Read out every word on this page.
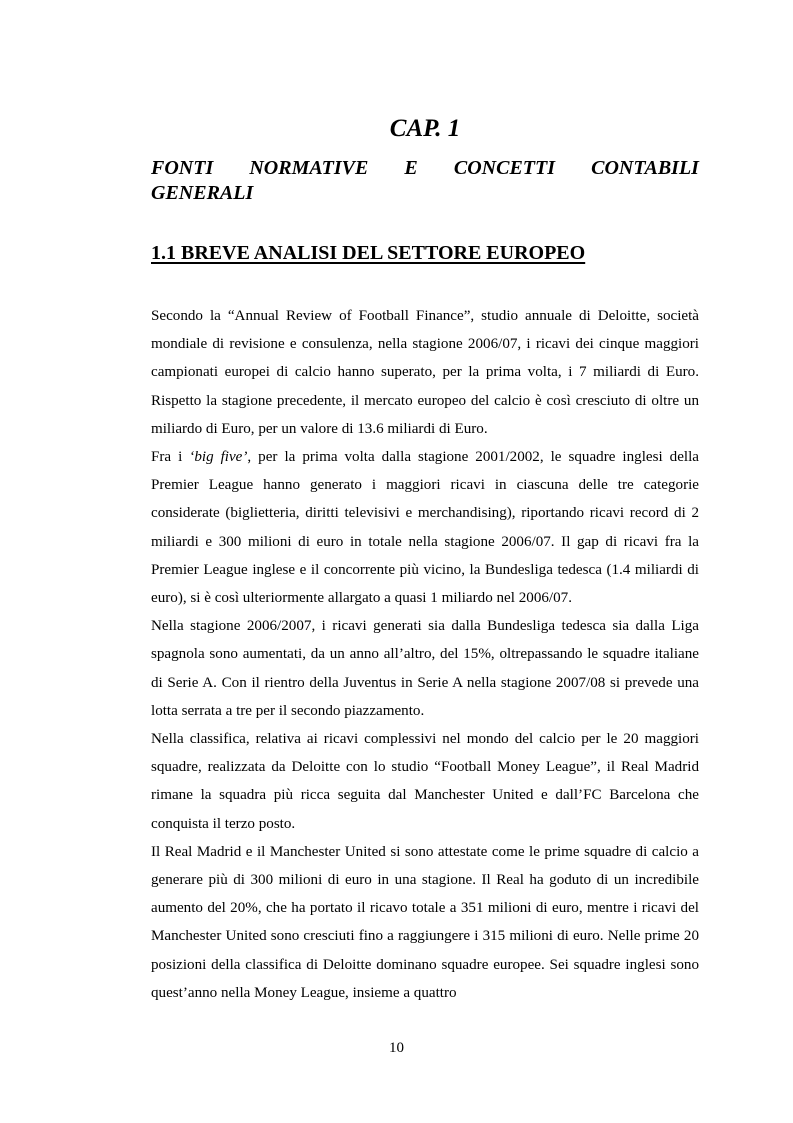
CAP. 1
FONTI NORMATIVE E CONCETTI CONTABILI
GENERALI
1.1 BREVE ANALISI DEL SETTORE EUROPEO

Secondo la “Annual Review of Football Finance”, studio annuale di Deloitte, società mondiale di revisione e consulenza, nella stagione 2006/07, i ricavi dei cinque maggiori campionati europei di calcio hanno superato, per la prima volta, i 7 miliardi di Euro. Rispetto la stagione precedente, il mercato europeo del calcio è così cresciuto di oltre un miliardo di Euro, per un valore di 13.6 miliardi di Euro.

Fra i ‘big five’, per la prima volta dalla stagione 2001/2002, le squadre inglesi della Premier League hanno generato i maggiori ricavi in ciascuna delle tre categorie considerate (biglietteria, diritti televisivi e merchandising), riportando ricavi record di 2 miliardi e 300 milioni di euro in totale nella stagione 2006/07. Il gap di ricavi fra la Premier League inglese e il concorrente più vicino, la Bundesliga tedesca (1.4 miliardi di euro), si è così ulteriormente allargato a quasi 1 miliardo nel 2006/07.

Nella stagione 2006/2007, i ricavi generati sia dalla Bundesliga tedesca sia dalla Liga spagnola sono aumentati, da un anno all’altro, del 15%, oltrepassando le squadre italiane di Serie A. Con il rientro della Juventus in Serie A nella stagione 2007/08 si prevede una lotta serrata a tre per il secondo piazzamento.

Nella classifica, relativa ai ricavi complessivi nel mondo del calcio per le 20 maggiori squadre, realizzata da Deloitte con lo studio “Football Money League”, il Real Madrid rimane la squadra più ricca seguita dal Manchester United e dall’FC Barcelona che conquista il terzo posto.

Il Real Madrid e il Manchester United si sono attestate come le prime squadre di calcio a generare più di 300 milioni di euro in una stagione. Il Real ha goduto di un incredibile aumento del 20%, che ha portato il ricavo totale a 351 milioni di euro, mentre i ricavi del Manchester United sono cresciuti fino a raggiungere i 315 milioni di euro. Nelle prime 20 posizioni della classifica di Deloitte dominano squadre europee. Sei squadre inglesi sono quest’anno nella Money League, insieme a quattro

10
